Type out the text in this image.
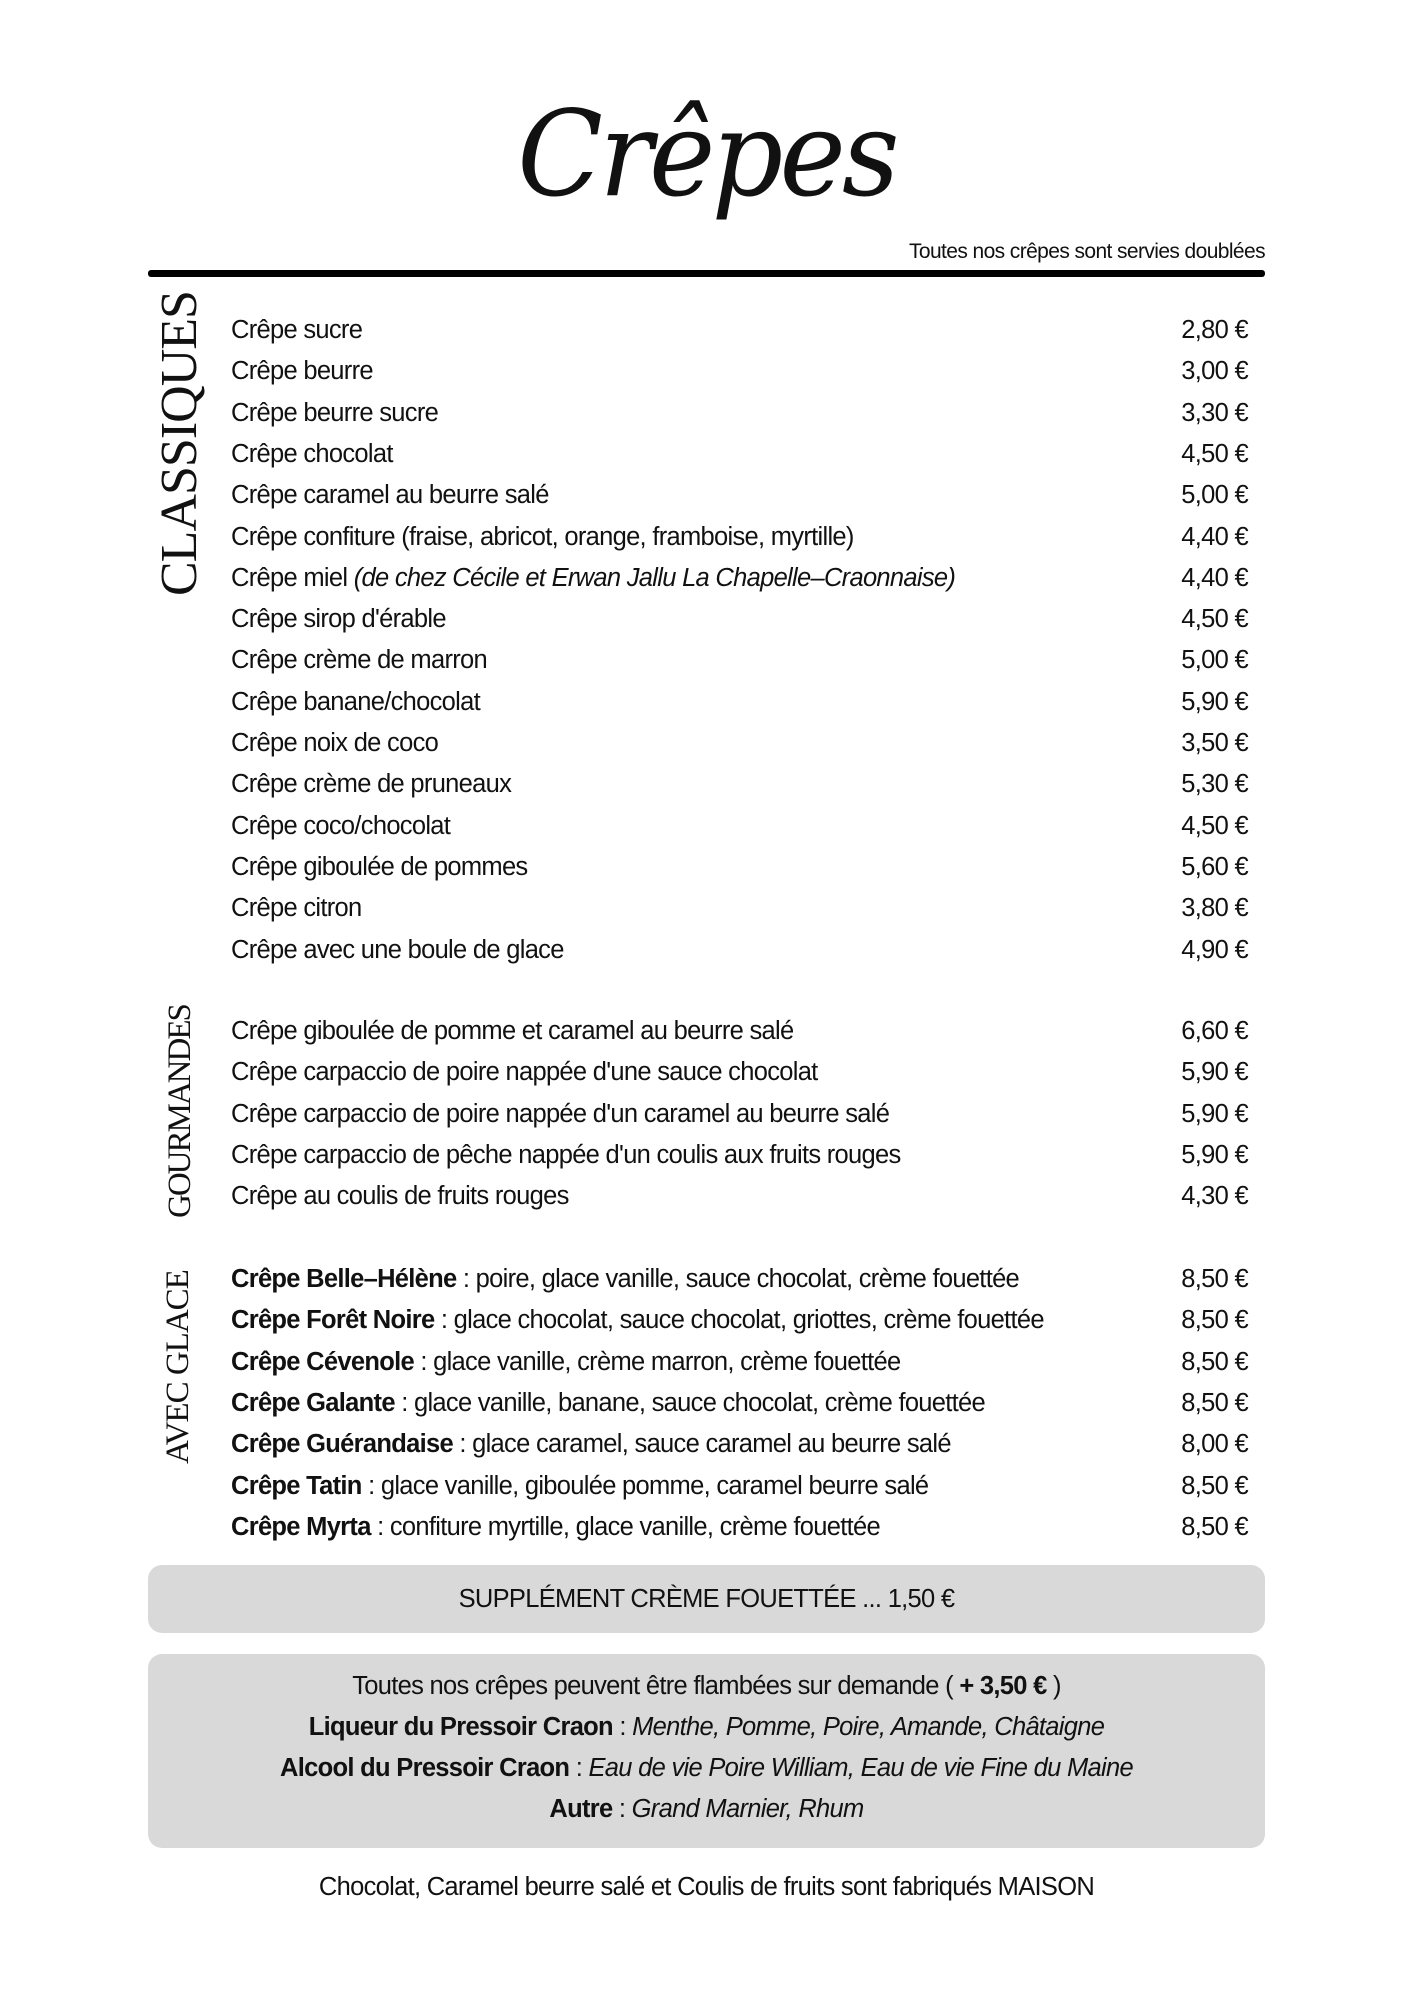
Crêpes
Toutes nos crêpes sont servies doublées
CLASSIQUES
GOURMANDES
AVEC GLACE
Crêpe sucre	2,80 €
Crêpe beurre	3,00 €
Crêpe beurre sucre	3,30 €
Crêpe chocolat	4,50 €
Crêpe caramel au beurre salé	5,00 €
Crêpe confiture (fraise, abricot, orange, framboise, myrtille)	4,40 €
Crêpe miel (de chez Cécile et Erwan Jallu La Chapelle–Craonnaise)	4,40 €
Crêpe sirop d'érable	4,50 €
Crêpe crème de marron	5,00 €
Crêpe banane/chocolat	5,90 €
Crêpe noix de coco	3,50 €
Crêpe crème de pruneaux	5,30 €
Crêpe coco/chocolat	4,50 €
Crêpe giboulée de pommes	5,60 €
Crêpe citron	3,80 €
Crêpe avec une boule de glace	4,90 €
Crêpe giboulée de pomme et caramel au beurre salé	6,60 €
Crêpe carpaccio de poire nappée d'une sauce chocolat	5,90 €
Crêpe carpaccio de poire nappée d'un caramel au beurre salé	5,90 €
Crêpe carpaccio de pêche nappée d'un coulis aux fruits rouges	5,90 €
Crêpe au coulis de fruits rouges	4,30 €
Crêpe Belle–Hélène : poire, glace vanille, sauce chocolat, crème fouettée	8,50 €
Crêpe Forêt Noire : glace chocolat, sauce chocolat, griottes, crème fouettée	8,50 €
Crêpe Cévenole : glace vanille, crème marron, crème fouettée	8,50 €
Crêpe Galante : glace vanille, banane, sauce chocolat, crème fouettée	8,50 €
Crêpe Guérandaise : glace caramel, sauce caramel au beurre salé	8,00 €
Crêpe Tatin : glace vanille, giboulée pomme, caramel beurre salé	8,50 €
Crêpe Myrta : confiture myrtille, glace vanille, crème fouettée	8,50 €
SUPPLÉMENT CRÈME FOUETTÉE ... 1,50 €
Toutes nos crêpes peuvent être flambées sur demande ( + 3,50 € )
Liqueur du Pressoir Craon : Menthe, Pomme, Poire, Amande, Châtaigne
Alcool du Pressoir Craon : Eau de vie Poire William, Eau de vie Fine du Maine
Autre : Grand Marnier, Rhum
Chocolat, Caramel beurre salé et Coulis de fruits sont fabriqués MAISON
